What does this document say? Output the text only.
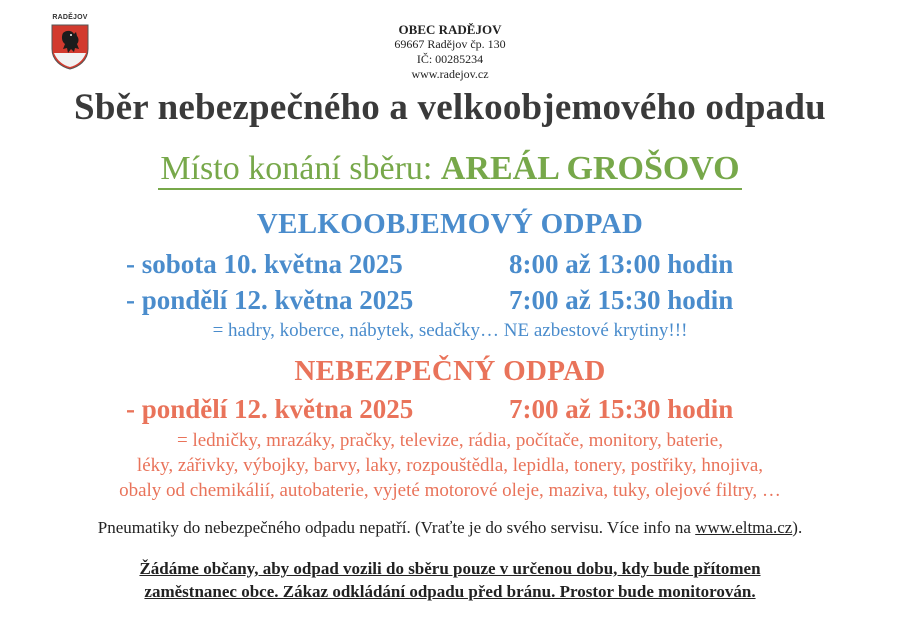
RADĚJOV
OBEC RADĚJOV
69667 Radějov čp. 130
IČ: 00285234
www.radejov.cz
Sběr nebezpečného a velkoobjemového odpadu
Místo konání sběru: AREÁL GROŠOVO
VELKOOBJEMOVÝ ODPAD
- sobota 10. května 2025	8:00 až 13:00 hodin
- pondělí 12. května 2025	7:00 až 15:30 hodin
= hadry, koberce, nábytek, sedačky… NE azbestové krytiny!!!
NEBEZPEČNÝ ODPAD
- pondělí 12. května 2025	7:00 až 15:30 hodin
= ledničky, mrazáky, pračky, televize, rádia, počítače, monitory, baterie,
léky, zářivky, výbojky, barvy, laky, rozpouštědla, lepidla, tonery, postřiky, hnojiva,
obaly od chemikálií, autobaterie, vyjeté motorové oleje, maziva, tuky, olejové filtry, …
Pneumatiky do nebezpečného odpadu nepatří. (Vraťte je do svého servisu. Více info na www.eltma.cz).
Žádáme občany, aby odpad vozili do sběru pouze v určenou dobu, kdy bude přítomen
zaměstnanec obce. Zákaz odkládání odpadu před bránu. Prostor bude monitorován.
